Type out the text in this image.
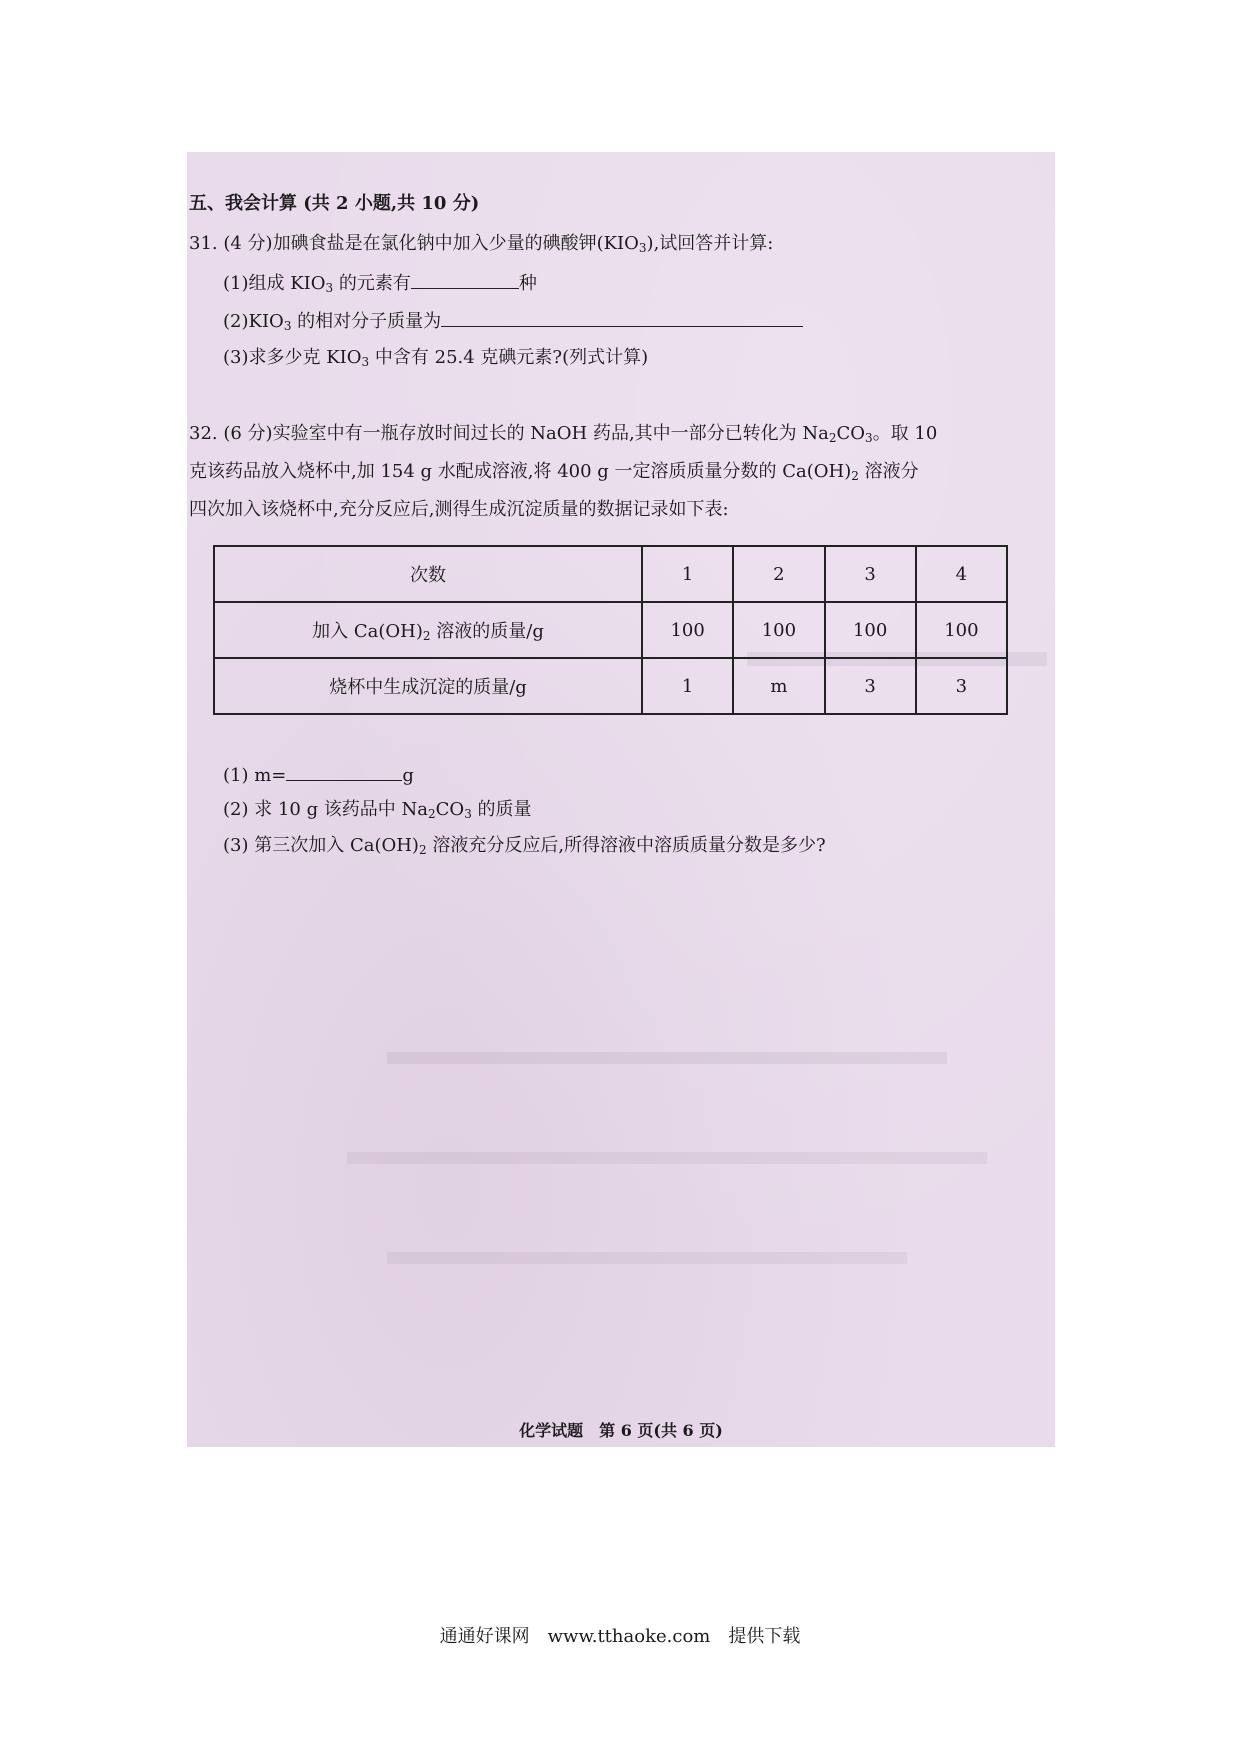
五、我会计算 (共 2 小题,共 10 分)
31. (4 分)加碘食盐是在氯化钠中加入少量的碘酸钾$(KIO_3)$,试回答并计算:
(1)组成 $KIO_3$ 的元素有	种
$(2)KIO_3$ 的相对分子质量为
(3)求多少克 $KIO_3$ 中含有 25.4 克碘元素?(列式计算)
32. (6 分)实验室中有一瓶存放时间过长的 NaOH 药品,其中一部分已转化为 $Na_2CO_3$。取 10
克该药品放入烧杯中,加 154 g 水配成溶液,将 400 g 一定溶质质量分数的 $Ca(OH)_2$ 溶液分
四次加入该烧杯中,充分反应后,测得生成沉淀质量的数据记录如下表:
化学试题　第 6 页(共 6 页)
次数	1	2	3	4
加入 $Ca(OH)_2$ 溶液的质量/g	100	100	100	100
烧杯中生成沉淀的质量/g	1	m	3	3
(1) m=	g
(2) 求 10 g 该药品中 $Na_2CO_3$ 的质量
(3) 第三次加入 $Ca(OH)_2$ 溶液充分反应后,所得溶液中溶质质量分数是多少?
通通好课网　www.tthaoke.com　提供下载
